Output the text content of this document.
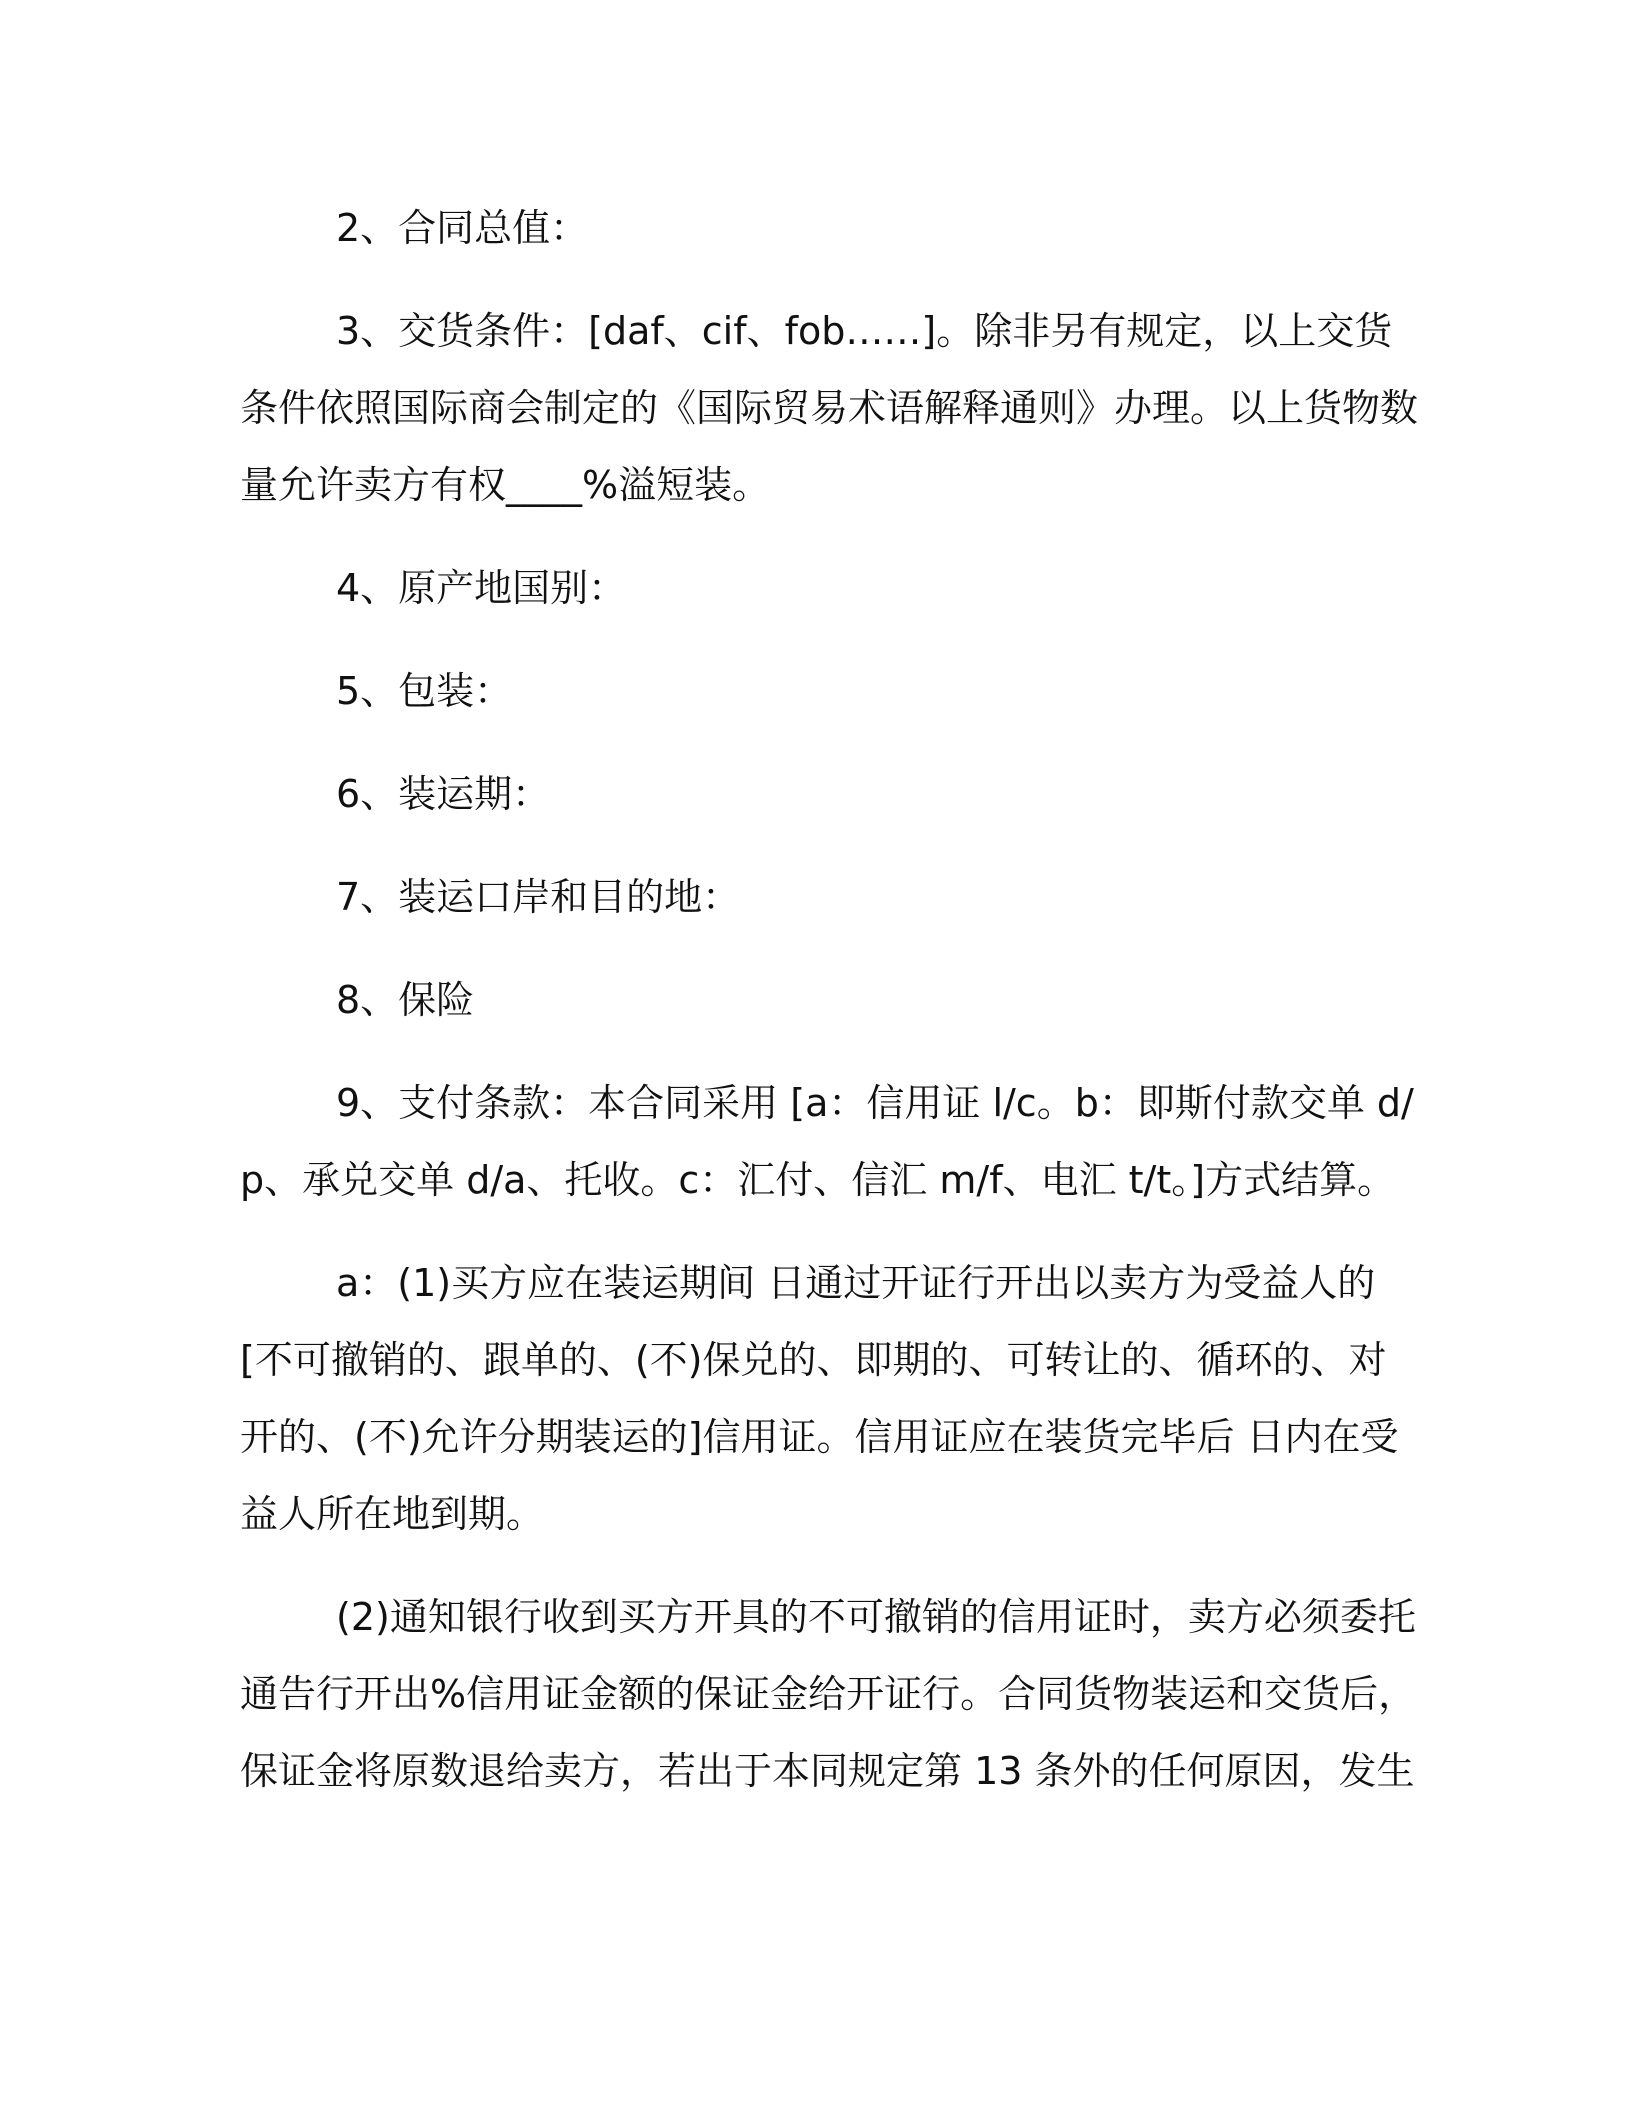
2、合同总值：

3、交货条件：[daf、cif、fob……]。除非另有规定，以上交货条件依照国际商会制定的《国际贸易术语解释通则》办理。以上货物数量允许卖方有权____%溢短装。

4、原产地国别：

5、包装：

6、装运期：

7、装运口岸和目的地：

8、保险

9、支付条款：本合同采用 [a：信用证 l/c。b：即斯付款交单 d/p、承兑交单 d/a、托收。c：汇付、信汇 m/f、电汇 t/t。]方式结算。

a：(1)买方应在装运期间 日通过开证行开出以卖方为受益人的[不可撤销的、跟单的、(不)保兑的、即期的、可转让的、循环的、对开的、(不)允许分期装运的]信用证。信用证应在装货完毕后 日内在受益人所在地到期。

(2)通知银行收到买方开具的不可撤销的信用证时，卖方必须委托通告行开出%信用证金额的保证金给开证行。合同货物装运和交货后，保证金将原数退给卖方，若出于本同规定第 13 条外的任何原因，发生
